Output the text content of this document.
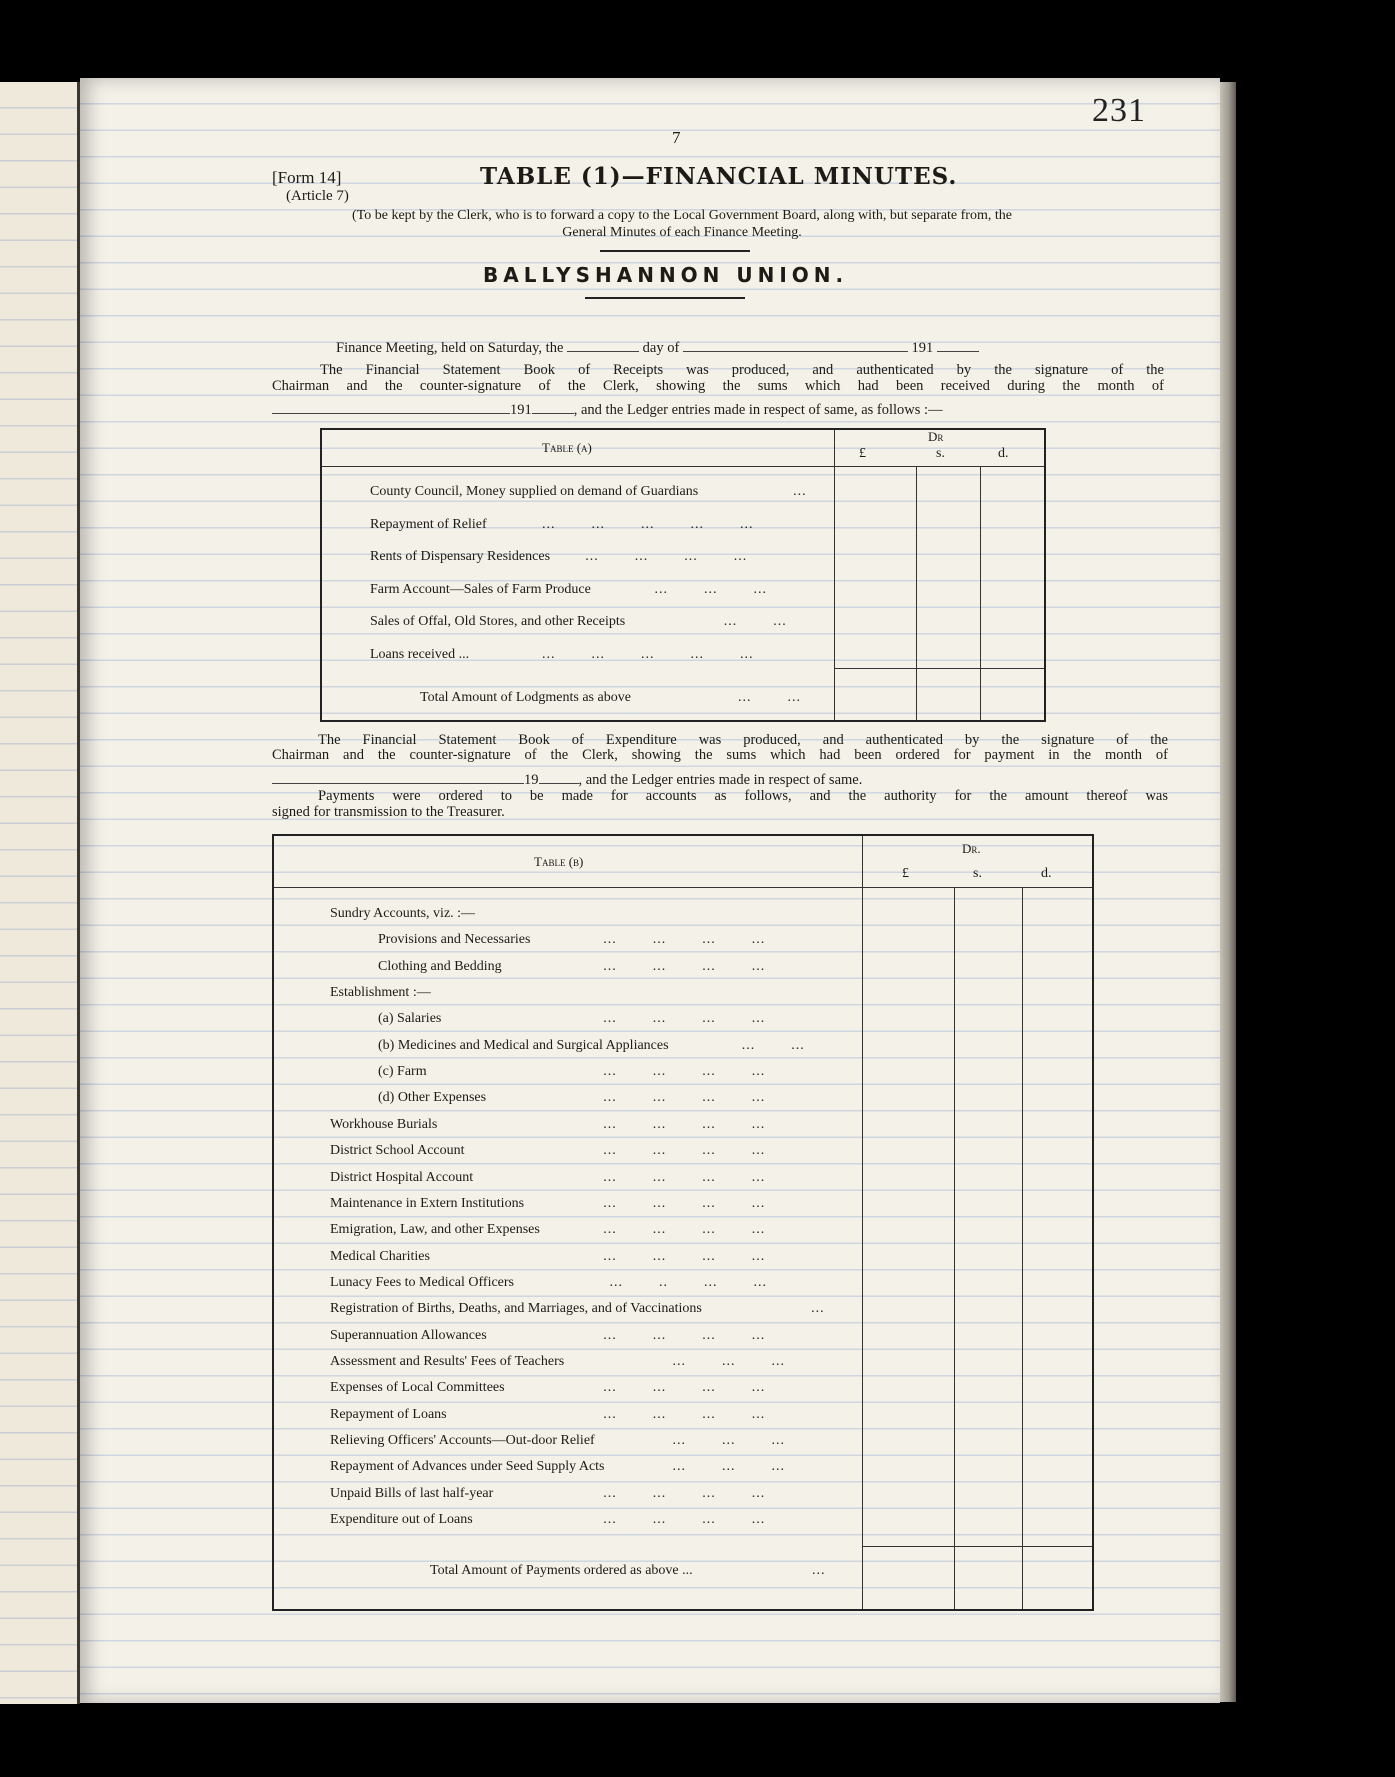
231
7
[Form 14]
(Article 7)
TABLE (1)—FINANCIAL MINUTES.
(To be kept by the Clerk, who is to forward a copy to the Local Government Board, along with, but separate from, the
General Minutes of each Finance Meeting.
BALLYSHANNON UNION.
Finance Meeting, held on Saturday, the	day of	191
The Financial Statement Book of Receipts was produced, and authenticated by the signature of the
Chairman and the counter-signature of the Clerk, showing the sums which had been received during the month of
191	, and the Ledger entries made in respect of same, as follows :—
Table (a)
Dr
£	s.	d.
County Council, Money supplied on demand of Guardians	...
Repayment of Relief	...        ...        ...        ...        ...
Rents of Dispensary Residences	...        ...        ...        ...
Farm Account—Sales of Farm Produce	...        ...        ...
Sales of Offal, Old Stores, and other Receipts	...        ...
Loans received ...	...        ...        ...        ...        ...
Total Amount of Lodgments as above	...        ...
The Financial Statement Book of Expenditure was produced, and authenticated by the signature of the
Chairman and the counter-signature of the Clerk, showing the sums which had been ordered for payment in the month of
19	, and the Ledger entries made in respect of same.
Payments were ordered to be made for accounts as follows, and the authority for the amount thereof was
signed for transmission to the Treasurer.
Table (b)
Dr.
£	s.	d.
Sundry Accounts, viz. :—
Provisions and Necessaries	...        ...        ...        ...
Clothing and Bedding	...        ...        ...        ...
Establishment :—
(a) Salaries	...        ...        ...        ...
(b) Medicines and Medical and Surgical Appliances	...        ...
(c) Farm	...        ...        ...        ...
(d) Other Expenses	...        ...        ...        ...
Workhouse Burials	...        ...        ...        ...
District School Account	...        ...        ...        ...
District Hospital Account	...        ...        ...        ...
Maintenance in Extern Institutions	...        ...        ...        ...
Emigration, Law, and other Expenses	...        ...        ...        ...
Medical Charities	...        ...        ...        ...
Lunacy Fees to Medical Officers	...        ..        ...        ...
Registration of Births, Deaths, and Marriages, and of Vaccinations	...
Superannuation Allowances	...        ...        ...        ...
Assessment and Results' Fees of Teachers	...        ...        ...
Expenses of Local Committees	...        ...        ...        ...
Repayment of Loans	...        ...        ...        ...
Relieving Officers' Accounts—Out-door Relief	...        ...        ...
Repayment of Advances under Seed Supply Acts	...        ...        ...
Unpaid Bills of last half-year	...        ...        ...        ...
Expenditure out of Loans	...        ...        ...        ...
Total Amount of Payments ordered as above ...	...
